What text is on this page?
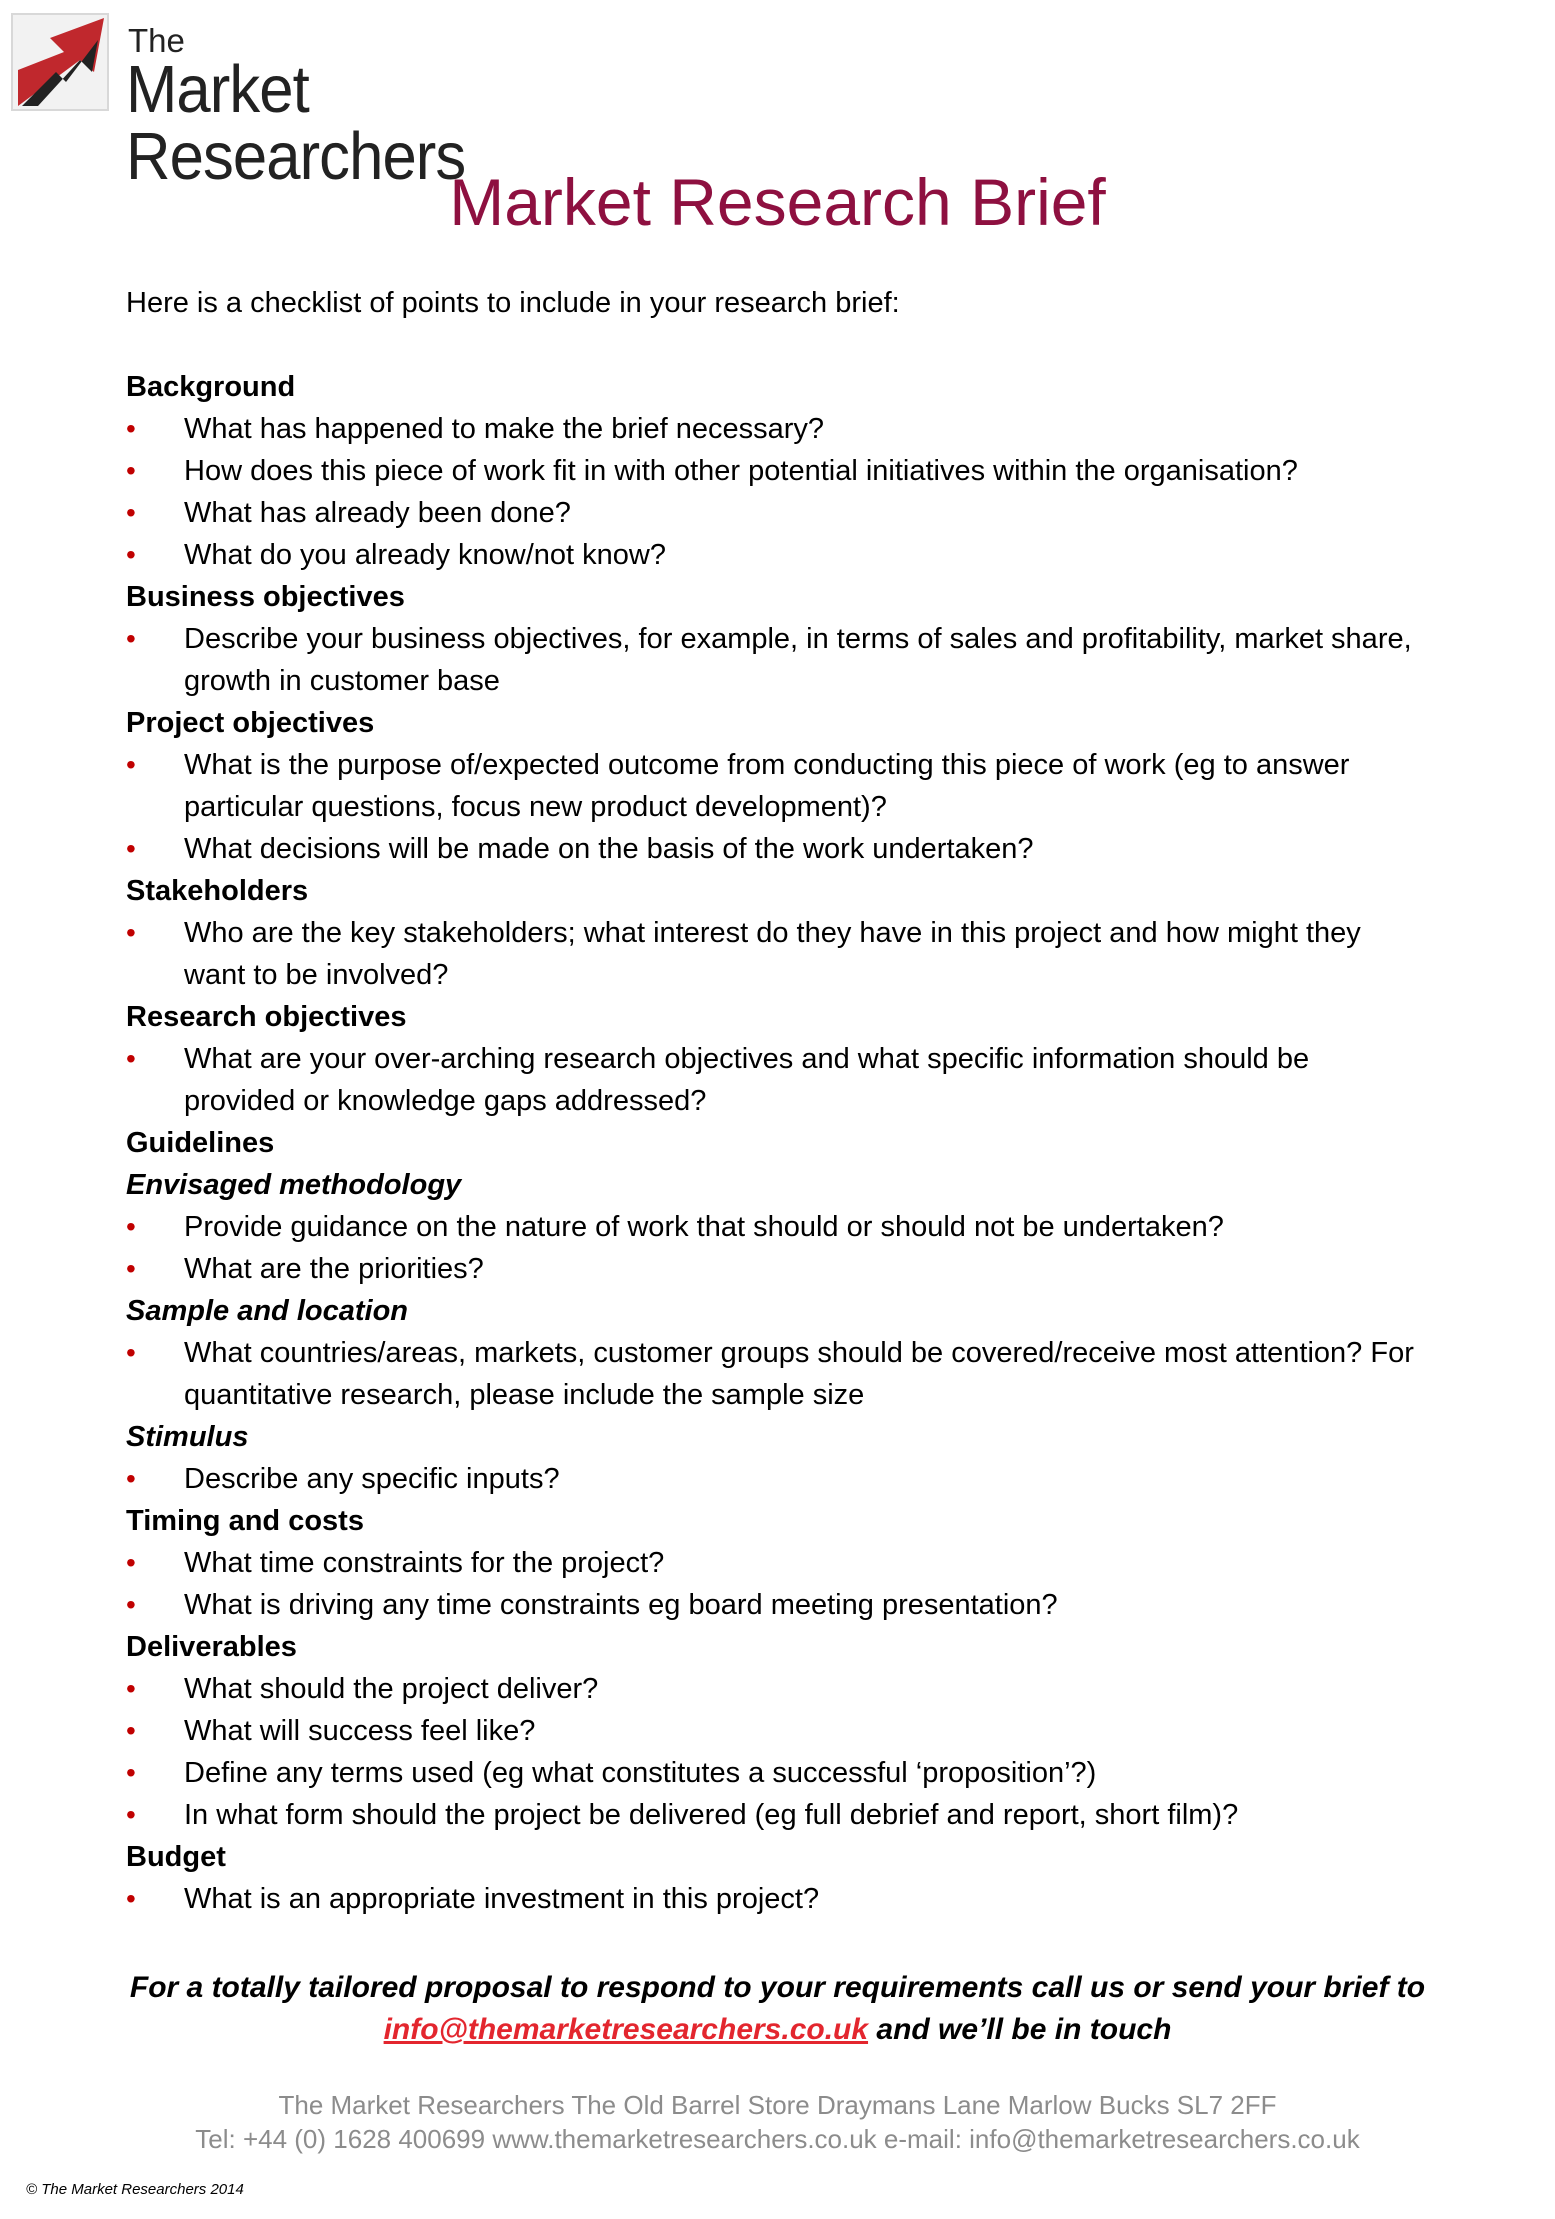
The
Market Researchers
Market Research Brief

Here is a checklist of points to include in your research brief:

Background
• What has happened to make the brief necessary?
• How does this piece of work fit in with other potential initiatives within the organisation?
• What has already been done?
• What do you already know/not know?
Business objectives
• Describe your business objectives, for example, in terms of sales and profitability, market share, growth in customer base
Project objectives
• What is the purpose of/expected outcome from conducting this piece of work (eg to answer particular questions, focus new product development)?
• What decisions will be made on the basis of the work undertaken?
Stakeholders
• Who are the key stakeholders; what interest do they have in this project and how might they want to be involved?
Research objectives
• What are your over-arching research objectives and what specific information should be provided or knowledge gaps addressed?
Guidelines
Envisaged methodology
• Provide guidance on the nature of work that should or should not be undertaken?
• What are the priorities?
Sample and location
• What countries/areas, markets, customer groups should be covered/receive most attention? For quantitative research, please include the sample size
Stimulus
• Describe any specific inputs?
Timing and costs
• What time constraints for the project?
• What is driving any time constraints eg board meeting presentation?
Deliverables
• What should the project deliver?
• What will success feel like?
• Define any terms used (eg what constitutes a successful ‘proposition’?)
• In what form should the project be delivered (eg full debrief and report, short film)?
Budget
• What is an appropriate investment in this project?
For a totally tailored proposal to respond to your requirements call us or send your brief to
info@themarketresearchers.co.uk and we’ll be in touch
The Market Researchers The Old Barrel Store Draymans Lane Marlow Bucks SL7 2FF
Tel: +44 (0) 1628 400699 www.themarketresearchers.co.uk e-mail: info@themarketresearchers.co.uk
© The Market Researchers 2014
